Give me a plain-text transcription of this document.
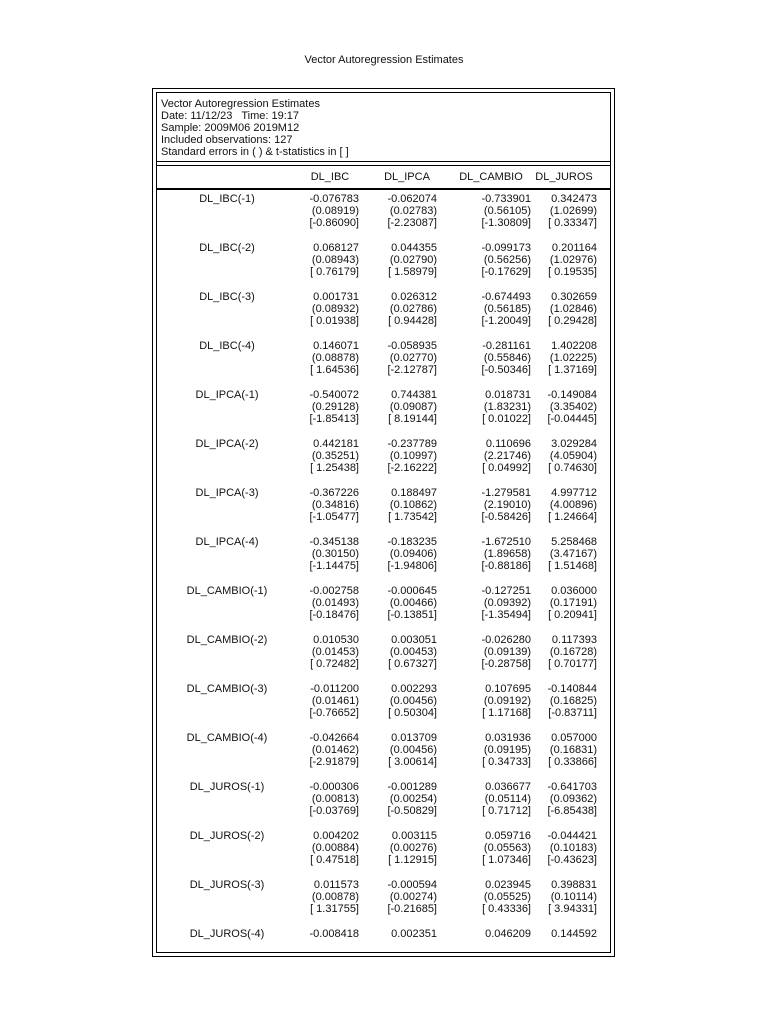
Vector Autoregression Estimates
Vector Autoregression Estimates
Date: 11/12/23   Time: 19:17
Sample: 2009M06 2019M12
Included observations: 127
Standard errors in ( ) & t-statistics in [ ]
DL_IBC	DL_IPCA	DL_CAMBIO	DL_JUROS
DL_IBC(-1)	-0.076783	-0.062074	-0.733901	0.342473
(0.08919)	(0.02783)	(0.56105)	(1.02699)
[-0.86090]	[-2.23087]	[-1.30809]	[ 0.33347]
DL_IBC(-2)	0.068127	0.044355	-0.099173	0.201164
(0.08943)	(0.02790)	(0.56256)	(1.02976)
[ 0.76179]	[ 1.58979]	[-0.17629]	[ 0.19535]
DL_IBC(-3)	0.001731	0.026312	-0.674493	0.302659
(0.08932)	(0.02786)	(0.56185)	(1.02846)
[ 0.01938]	[ 0.94428]	[-1.20049]	[ 0.29428]
DL_IBC(-4)	0.146071	-0.058935	-0.281161	1.402208
(0.08878)	(0.02770)	(0.55846)	(1.02225)
[ 1.64536]	[-2.12787]	[-0.50346]	[ 1.37169]
DL_IPCA(-1)	-0.540072	0.744381	0.018731	-0.149084
(0.29128)	(0.09087)	(1.83231)	(3.35402)
[-1.85413]	[ 8.19144]	[ 0.01022]	[-0.04445]
DL_IPCA(-2)	0.442181	-0.237789	0.110696	3.029284
(0.35251)	(0.10997)	(2.21746)	(4.05904)
[ 1.25438]	[-2.16222]	[ 0.04992]	[ 0.74630]
DL_IPCA(-3)	-0.367226	0.188497	-1.279581	4.997712
(0.34816)	(0.10862)	(2.19010)	(4.00896)
[-1.05477]	[ 1.73542]	[-0.58426]	[ 1.24664]
DL_IPCA(-4)	-0.345138	-0.183235	-1.672510	5.258468
(0.30150)	(0.09406)	(1.89658)	(3.47167)
[-1.14475]	[-1.94806]	[-0.88186]	[ 1.51468]
DL_CAMBIO(-1)	-0.002758	-0.000645	-0.127251	0.036000
(0.01493)	(0.00466)	(0.09392)	(0.17191)
[-0.18476]	[-0.13851]	[-1.35494]	[ 0.20941]
DL_CAMBIO(-2)	0.010530	0.003051	-0.026280	0.117393
(0.01453)	(0.00453)	(0.09139)	(0.16728)
[ 0.72482]	[ 0.67327]	[-0.28758]	[ 0.70177]
DL_CAMBIO(-3)	-0.011200	0.002293	0.107695	-0.140844
(0.01461)	(0.00456)	(0.09192)	(0.16825)
[-0.76652]	[ 0.50304]	[ 1.17168]	[-0.83711]
DL_CAMBIO(-4)	-0.042664	0.013709	0.031936	0.057000
(0.01462)	(0.00456)	(0.09195)	(0.16831)
[-2.91879]	[ 3.00614]	[ 0.34733]	[ 0.33866]
DL_JUROS(-1)	-0.000306	-0.001289	0.036677	-0.641703
(0.00813)	(0.00254)	(0.05114)	(0.09362)
[-0.03769]	[-0.50829]	[ 0.71712]	[-6.85438]
DL_JUROS(-2)	0.004202	0.003115	0.059716	-0.044421
(0.00884)	(0.00276)	(0.05563)	(0.10183)
[ 0.47518]	[ 1.12915]	[ 1.07346]	[-0.43623]
DL_JUROS(-3)	0.011573	-0.000594	0.023945	0.398831
(0.00878)	(0.00274)	(0.05525)	(0.10114)
[ 1.31755]	[-0.21685]	[ 0.43336]	[ 3.94331]
DL_JUROS(-4)	-0.008418	0.002351	0.046209	0.144592
